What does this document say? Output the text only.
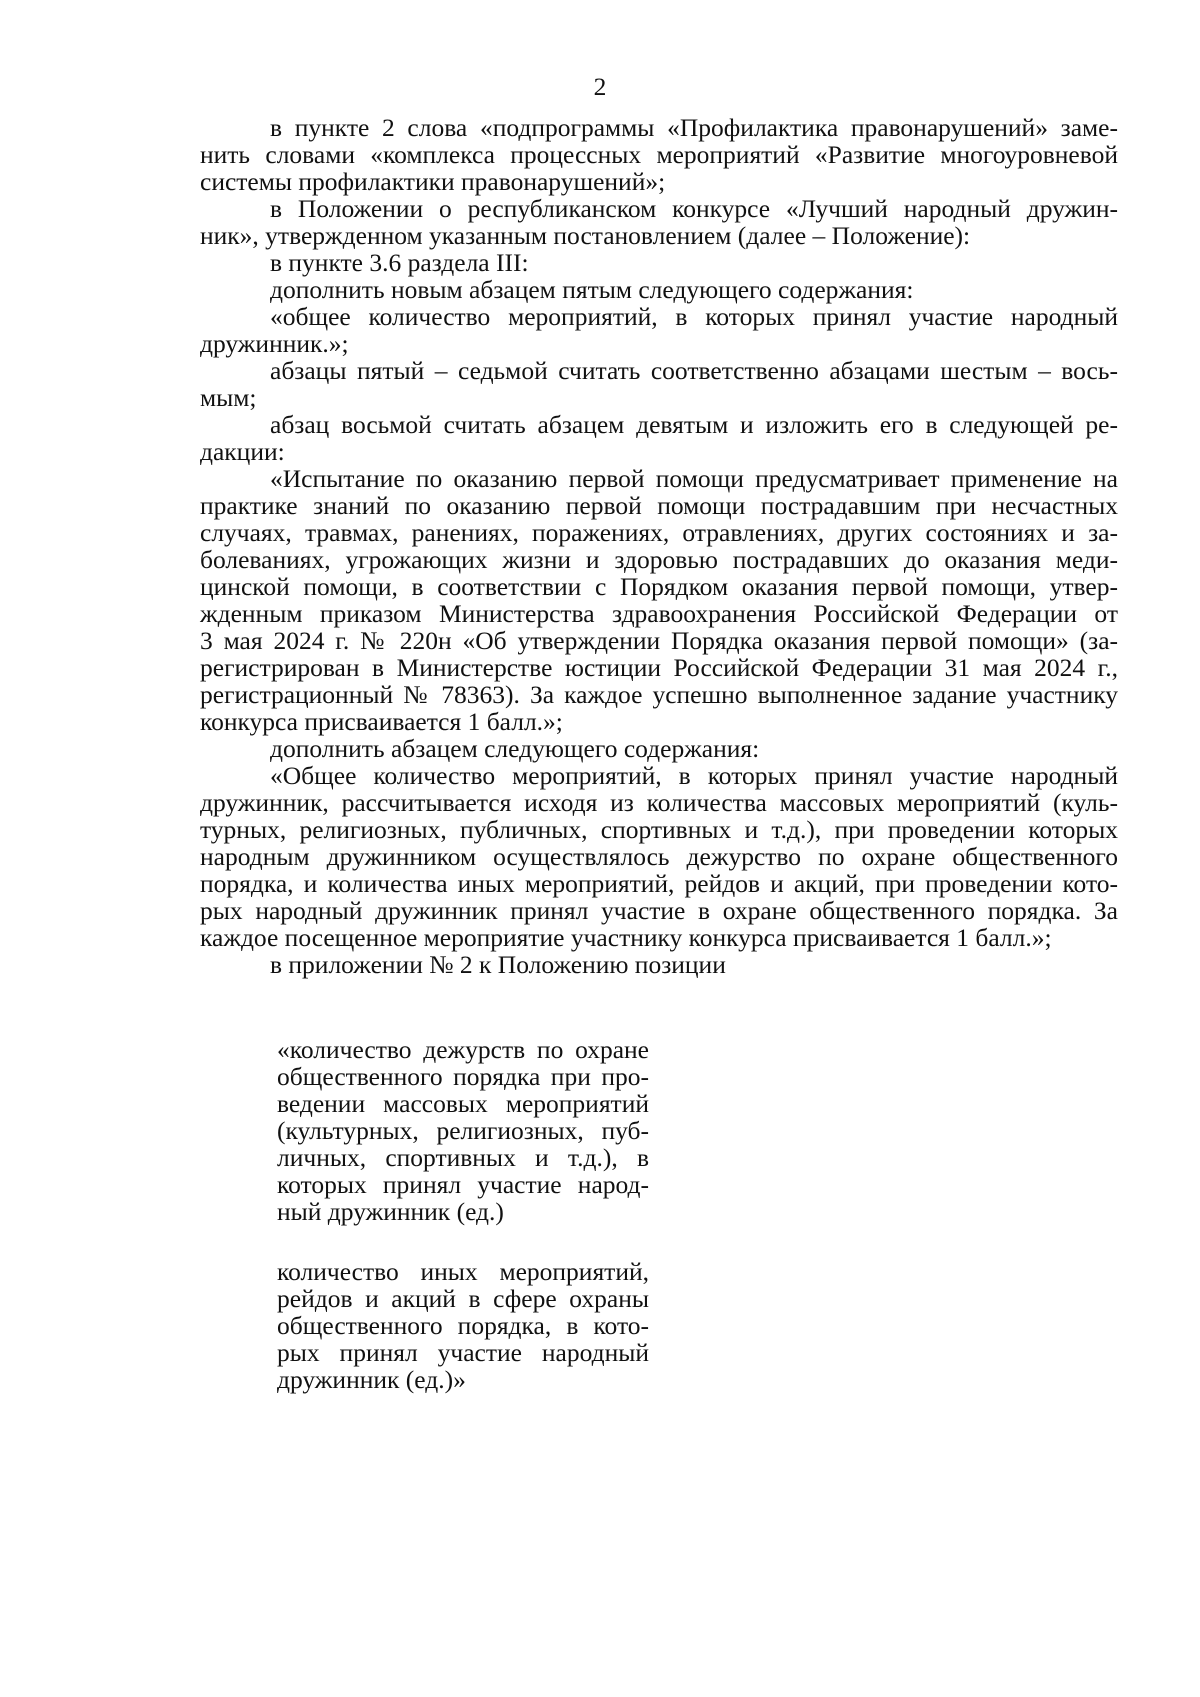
2
в пункте 2 слова «подпрограммы «Профилактика правонарушений» заме-
нить словами «комплекса процессных мероприятий «Развитие многоуровневой
системы профилактики правонарушений»;
в Положении о республиканском конкурсе «Лучший народный дружин-
ник», утвержденном указанным постановлением (далее – Положение):
в пункте 3.6 раздела III:
дополнить новым абзацем пятым следующего содержания:
«общее количество мероприятий, в которых принял участие народный
дружинник.»;
абзацы пятый – седьмой считать соответственно абзацами шестым – вось-
мым;
абзац восьмой считать абзацем девятым и изложить его в следующей ре-
дакции:
«Испытание по оказанию первой помощи предусматривает применение на
практике знаний по оказанию первой помощи пострадавшим при несчастных
случаях, травмах, ранениях, поражениях, отравлениях, других состояниях и за-
болеваниях, угрожающих жизни и здоровью пострадавших до оказания меди-
цинской помощи, в соответствии с Порядком оказания первой помощи, утвер-
жденным приказом Министерства здравоохранения Российской Федерации от
3 мая 2024 г. № 220н «Об утверждении Порядка оказания первой помощи» (за-
регистрирован в Министерстве юстиции Российской Федерации 31 мая 2024 г.,
регистрационный № 78363). За каждое успешно выполненное задание участнику
конкурса присваивается 1 балл.»;
дополнить абзацем следующего содержания:
«Общее количество мероприятий, в которых принял участие народный
дружинник, рассчитывается исходя из количества массовых мероприятий (куль-
турных, религиозных, публичных, спортивных и т.д.), при проведении которых
народным дружинником осуществлялось дежурство по охране общественного
порядка, и количества иных мероприятий, рейдов и акций, при проведении кото-
рых народный дружинник принял участие в охране общественного порядка. За
каждое посещенное мероприятие участнику конкурса присваивается 1 балл.»;
в приложении № 2 к Положению позиции
«количество дежурств по охране
общественного порядка при про-
ведении массовых мероприятий
(культурных, религиозных, пуб-
личных, спортивных и т.д.), в
которых принял участие народ-
ный дружинник (ед.)
количество иных мероприятий,
рейдов и акций в сфере охраны
общественного порядка, в кото-
рых принял участие народный
дружинник (ед.)»
